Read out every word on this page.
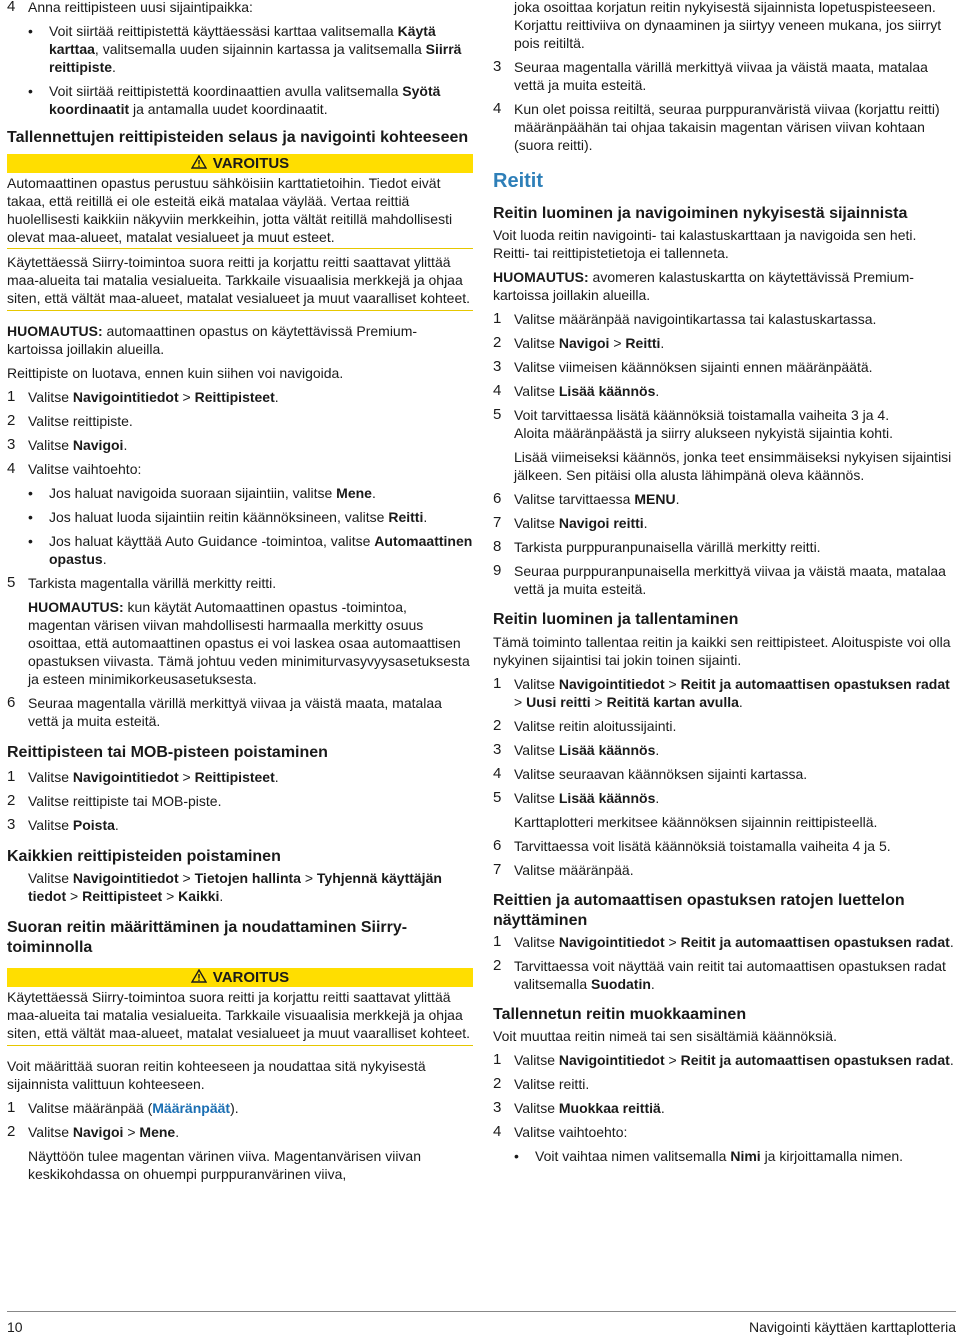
4 Anna reittipisteen uusi sijaintipaikka:

• Voit siirtää reittipistettä käyttäessäsi karttaa valitsemalla Käytä karttaa, valitsemalla uuden sijainnin kartassa ja valitsemalla Siirrä reittipiste.

• Voit siirtää reittipistettä koordinaattien avulla valitsemalla Syötä koordinaatit ja antamalla uudet koordinaatit.

Tallennettujen reittipisteiden selaus ja navigointi kohteeseen

VAROITUS

Automaattinen opastus perustuu sähköisiin karttatietoihin. Tiedot eivät takaa, että reitillä ei ole esteitä eikä matalaa väylää. Vertaa reittiä huolellisesti kaikkiin näkyviin merkkeihin, jotta vältät reitillä mahdollisesti olevat maa-alueet, matalat vesialueet ja muut esteet.

Käytettäessä Siirry-toimintoa suora reitti ja korjattu reitti saattavat ylittää maa-alueita tai matalia vesialueita. Tarkkaile visuaalisia merkkejä ja ohjaa siten, että vältät maa-alueet, matalat vesialueet ja muut vaaralliset kohteet.

HUOMAUTUS: automaattinen opastus on käytettävissä Premium-kartoissa joillakin alueilla.

Reittipiste on luotava, ennen kuin siihen voi navigoida.

1 Valitse Navigointitiedot > Reittipisteet.

2 Valitse reittipiste.

3 Valitse Navigoi.

4 Valitse vaihtoehto:

• Jos haluat navigoida suoraan sijaintiin, valitse Mene.

• Jos haluat luoda sijaintiin reitin käännöksineen, valitse Reitti.

• Jos haluat käyttää Auto Guidance -toimintoa, valitse Automaattinen opastus.

5 Tarkista magentalla värillä merkitty reitti.

HUOMAUTUS: kun käytät Automaattinen opastus -toimintoa, magentan värisen viivan mahdollisesti harmaalla merkitty osuus osoittaa, että automaattinen opastus ei voi laskea osaa automaattisen opastuksen viivasta. Tämä johtuu veden minimiturvasyvyysasetuksesta ja esteen minimikorkeusasetuksesta.

6 Seuraa magentalla värillä merkittyä viivaa ja väistä maata, matalaa vettä ja muita esteitä.

Reittipisteen tai MOB-pisteen poistaminen

1 Valitse Navigointitiedot > Reittipisteet.

2 Valitse reittipiste tai MOB-piste.

3 Valitse Poista.

Kaikkien reittipisteiden poistaminen

Valitse Navigointitiedot > Tietojen hallinta > Tyhjennä käyttäjän tiedot > Reittipisteet > Kaikki.

Suoran reitin määrittäminen ja noudattaminen Siirry-toiminnolla

VAROITUS

Käytettäessä Siirry-toimintoa suora reitti ja korjattu reitti saattavat ylittää maa-alueita tai matalia vesialueita. Tarkkaile visuaalisia merkkejä ja ohjaa siten, että vältät maa-alueet, matalat vesialueet ja muut vaaralliset kohteet.

Voit määrittää suoran reitin kohteeseen ja noudattaa sitä nykyisestä sijainnista valittuun kohteeseen.

1 Valitse määränpää (Määränpäät).

2 Valitse Navigoi > Mene.

Näyttöön tulee magentan värinen viiva. Magentanvärisen viivan keskikohdassa on ohuempi purppuranvärinen viiva,

joka osoittaa korjatun reitin nykyisestä sijainnista lopetuspisteeseen. Korjattu reittiviiva on dynaaminen ja siirtyy veneen mukana, jos siirryt pois reitiltä.

3 Seuraa magentalla värillä merkittyä viivaa ja väistä maata, matalaa vettä ja muita esteitä.

4 Kun olet poissa reitiltä, seuraa purppuranväristä viivaa (korjattu reitti) määränpäähän tai ohjaa takaisin magentan värisen viivan kohtaan (suora reitti).

Reitit

Reitin luominen ja navigoiminen nykyisestä sijainnista

Voit luoda reitin navigointi- tai kalastuskarttaan ja navigoida sen heti. Reitti- tai reittipistetietoja ei tallenneta.

HUOMAUTUS: avomeren kalastuskartta on käytettävissä Premium-kartoissa joillakin alueilla.

1 Valitse määränpää navigointikartassa tai kalastuskartassa.

2 Valitse Navigoi > Reitti.

3 Valitse viimeisen käännöksen sijainti ennen määränpäätä.

4 Valitse Lisää käännös.

5 Voit tarvittaessa lisätä käännöksiä toistamalla vaiheita 3 ja 4.

Aloita määränpäästä ja siirry alukseen nykyistä sijaintia kohti.

Lisää viimeiseksi käännös, jonka teet ensimmäiseksi nykyisen sijaintisi jälkeen. Sen pitäisi olla alusta lähimpänä oleva käännös.

6 Valitse tarvittaessa MENU.

7 Valitse Navigoi reitti.

8 Tarkista purppuranpunaisella värillä merkitty reitti.

9 Seuraa purppuranpunaisella merkittyä viivaa ja väistä maata, matalaa vettä ja muita esteitä.

Reitin luominen ja tallentaminen

Tämä toiminto tallentaa reitin ja kaikki sen reittipisteet. Aloituspiste voi olla nykyinen sijaintisi tai jokin toinen sijainti.

1 Valitse Navigointitiedot > Reitit ja automaattisen opastuksen radat > Uusi reitti > Reititä kartan avulla.

2 Valitse reitin aloitussijainti.

3 Valitse Lisää käännös.

4 Valitse seuraavan käännöksen sijainti kartassa.

5 Valitse Lisää käännös.

Karttaplotteri merkitsee käännöksen sijainnin reittipisteellä.

6 Tarvittaessa voit lisätä käännöksiä toistamalla vaiheita 4 ja 5.

7 Valitse määränpää.

Reittien ja automaattisen opastuksen ratojen luettelon näyttäminen

1 Valitse Navigointitiedot > Reitit ja automaattisen opastuksen radat.

2 Tarvittaessa voit näyttää vain reitit tai automaattisen opastuksen radat valitsemalla Suodatin.

Tallennetun reitin muokkaaminen

Voit muuttaa reitin nimeä tai sen sisältämiä käännöksiä.

1 Valitse Navigointitiedot > Reitit ja automaattisen opastuksen radat.

2 Valitse reitti.

3 Valitse Muokkaa reittiä.

4 Valitse vaihtoehto:

• Voit vaihtaa nimen valitsemalla Nimi ja kirjoittamalla nimen.

10	Navigointi käyttäen karttaplotteria
